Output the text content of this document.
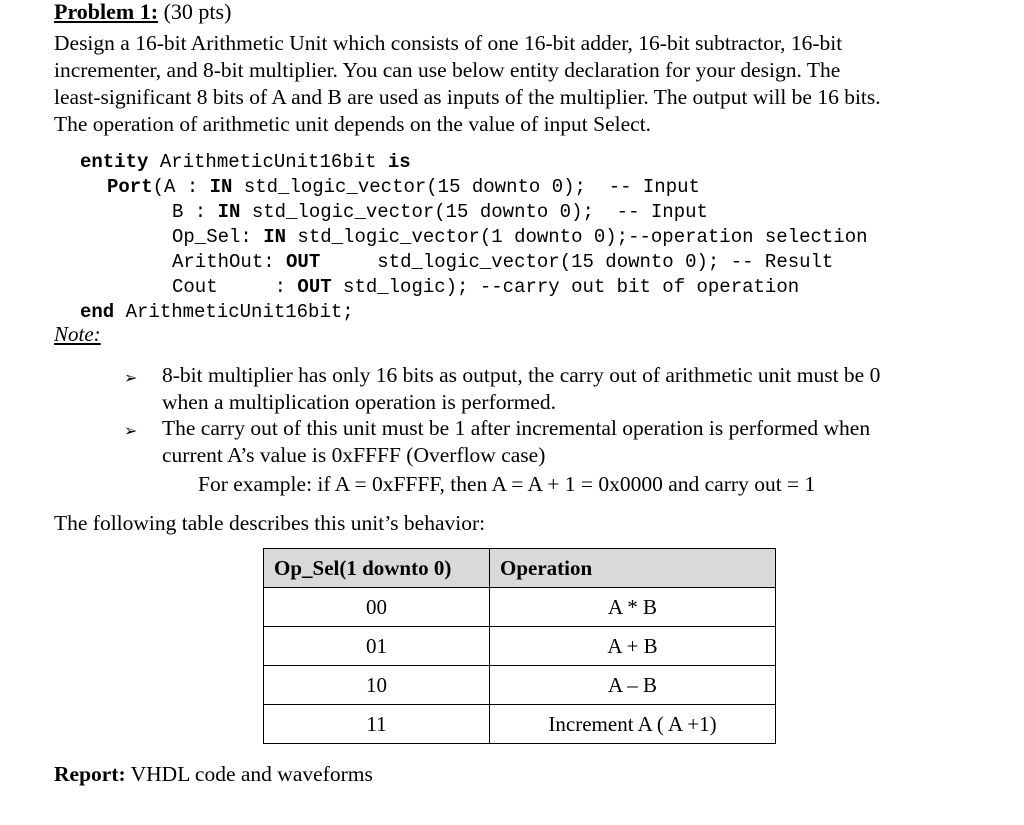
Problem 1: (30 pts)
Design a 16-bit Arithmetic Unit which consists of one 16-bit adder, 16-bit subtractor, 16-bit
incrementer, and 8-bit multiplier. You can use below entity declaration for your design. The
least-significant 8 bits of A and B are used as inputs of the multiplier. The output will be 16 bits.
The operation of arithmetic unit depends on the value of input Select.
entity ArithmeticUnit16bit is
Port(A : IN std_logic_vector(15 downto 0);  -- Input
B : IN std_logic_vector(15 downto 0);  -- Input
Op_Sel: IN std_logic_vector(1 downto 0);--operation selection
ArithOut: OUT     std_logic_vector(15 downto 0); -- Result
Cout     : OUT std_logic); --carry out bit of operation
end ArithmeticUnit16bit;
Note:
➢ 8-bit multiplier has only 16 bits as output, the carry out of arithmetic unit must be 0
when a multiplication operation is performed.
➢ The carry out of this unit must be 1 after incremental operation is performed when
current A’s value is 0xFFFF (Overflow case)
For example: if A = 0xFFFF, then A = A + 1 = 0x0000 and carry out = 1
The following table describes this unit’s behavior:
Op_Sel(1 downto 0)	Operation
00	A * B
01	A + B
10	A – B
11	Increment A ( A +1)
Report: VHDL code and waveforms
